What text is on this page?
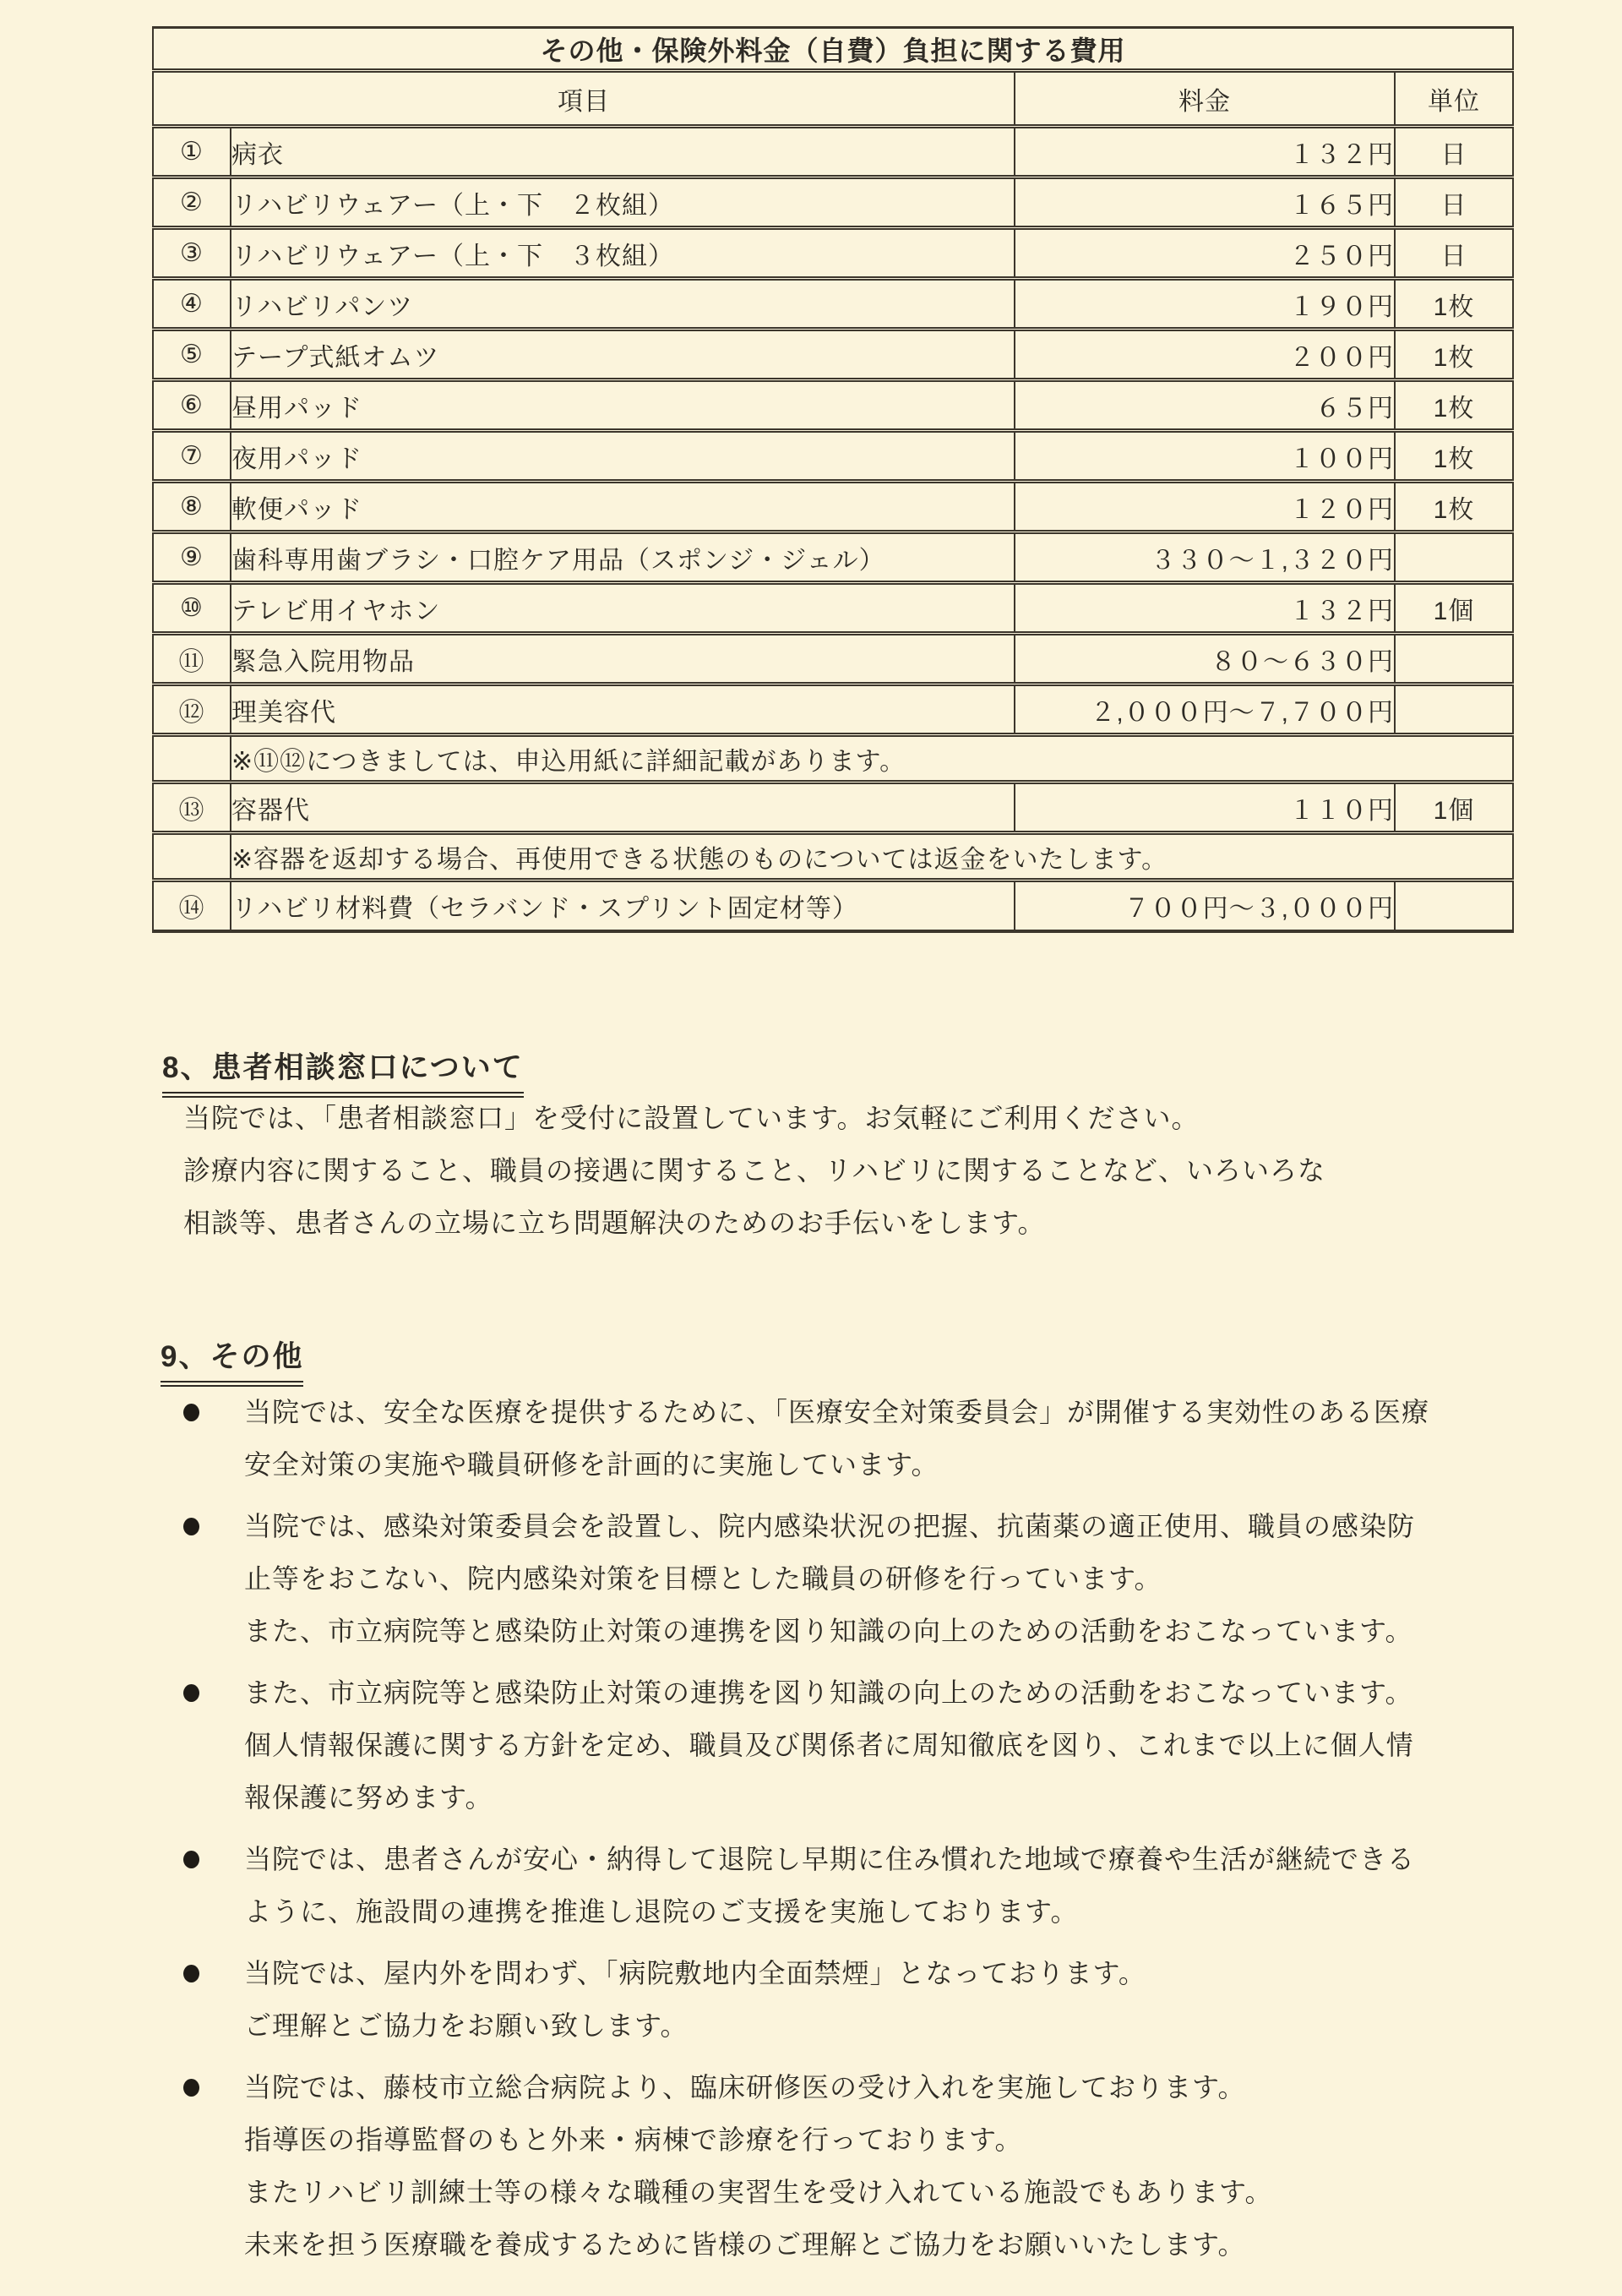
その他・保険外料金（自費）負担に関する費用			
項目		料金	単位
①	病衣	１３２円	日
②	リハビリウェアー（上・下　２枚組）	１６５円	日
③	リハビリウェアー（上・下　３枚組）	２５０円	日
④	リハビリパンツ	１９０円	1枚
⑤	テープ式紙オムツ	２００円	1枚
⑥	昼用パッド	６５円	1枚
⑦	夜用パッド	１００円	1枚
⑧	軟便パッド	１２０円	1枚
⑨	歯科専用歯ブラシ・口腔ケア用品（スポンジ・ジェル）	３３０～１,３２０円	
⑩	テレビ用イヤホン	１３２円	1個
⑪	緊急入院用物品	８０～６３０円	
⑫	理美容代	２,０００円～７,７００円	
	※⑪⑫につきましては、申込用紙に詳細記載があります。		
⑬	容器代	１１０円	1個
	※容器を返却する場合、再使用できる状態のものについては返金をいたします。		
⑭	リハビリ材料費（セラバンド・スプリント固定材等）	７００円～３,０００円	
8、患者相談窓口について
当院では、「患者相談窓口」を受付に設置しています。お気軽にご利用ください。
診療内容に関すること、職員の接遇に関すること、リハビリに関することなど、いろいろな
相談等、患者さんの立場に立ち問題解決のためのお手伝いをします。
9、その他
当院では、安全な医療を提供するために、「医療安全対策委員会」が開催する実効性のある医療
安全対策の実施や職員研修を計画的に実施しています。
当院では、感染対策委員会を設置し、院内感染状況の把握、抗菌薬の適正使用、職員の感染防
止等をおこない、院内感染対策を目標とした職員の研修を行っています。
また、市立病院等と感染防止対策の連携を図り知識の向上のための活動をおこなっています。
また、市立病院等と感染防止対策の連携を図り知識の向上のための活動をおこなっています。
個人情報保護に関する方針を定め、職員及び関係者に周知徹底を図り、これまで以上に個人情
報保護に努めます。
当院では、患者さんが安心・納得して退院し早期に住み慣れた地域で療養や生活が継続できる
ように、施設間の連携を推進し退院のご支援を実施しております。
当院では、屋内外を問わず、「病院敷地内全面禁煙」となっております。
ご理解とご協力をお願い致します。
当院では、藤枝市立総合病院より、臨床研修医の受け入れを実施しております。
指導医の指導監督のもと外来・病棟で診療を行っております。
またリハビリ訓練士等の様々な職種の実習生を受け入れている施設でもあります。
未来を担う医療職を養成するために皆様のご理解とご協力をお願いいたします。
